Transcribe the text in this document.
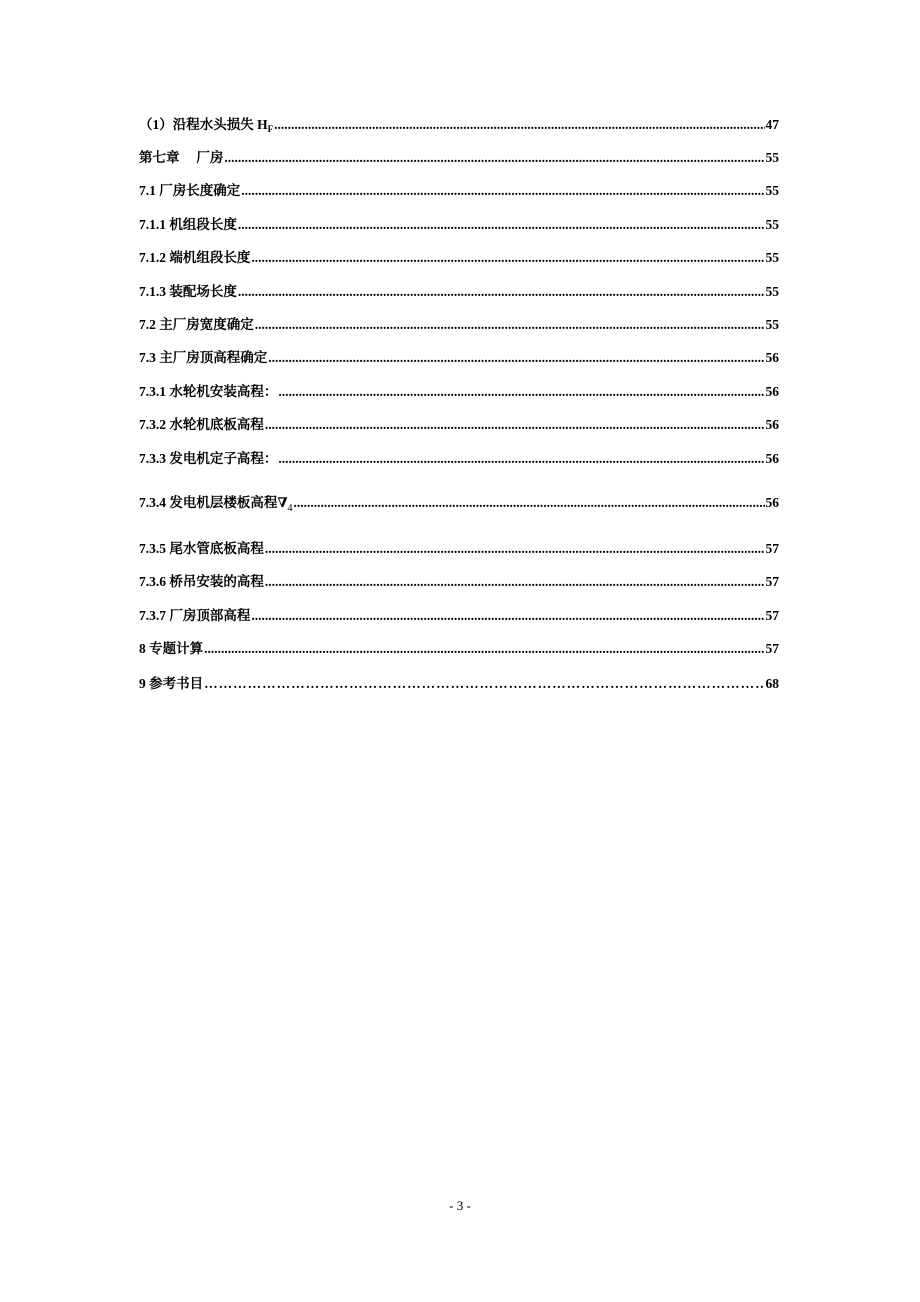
（1）沿程水头损失 $H_F$ .....	47
第七章　 厂房 .....	55
7.1 厂房长度确定 .....	55
7.1.1 机组段长度 .....	55
7.1.2 端机组段长度 .....	55
7.1.3 装配场长度 .....	55
7.2 主厂房宽度确定 .....	55
7.3 主厂房顶高程确定 .....	56
7.3.1 水轮机安装高程： .....	56
7.3.2 水轮机底板高程 .....	56
7.3.3 发电机定子高程： .....	56
7.3.4 发电机层楼板高程$\nabla_4$ .....	56
7.3.5 尾水管底板高程 .....	57
7.3.6 桥吊安装的高程 .....	57
7.3.7 厂房顶部高程 .....	57
8 专题计算 .....	57
9 参考书目 ……………………………………………………………………………………………………………………………………………………	68
- 3 -
